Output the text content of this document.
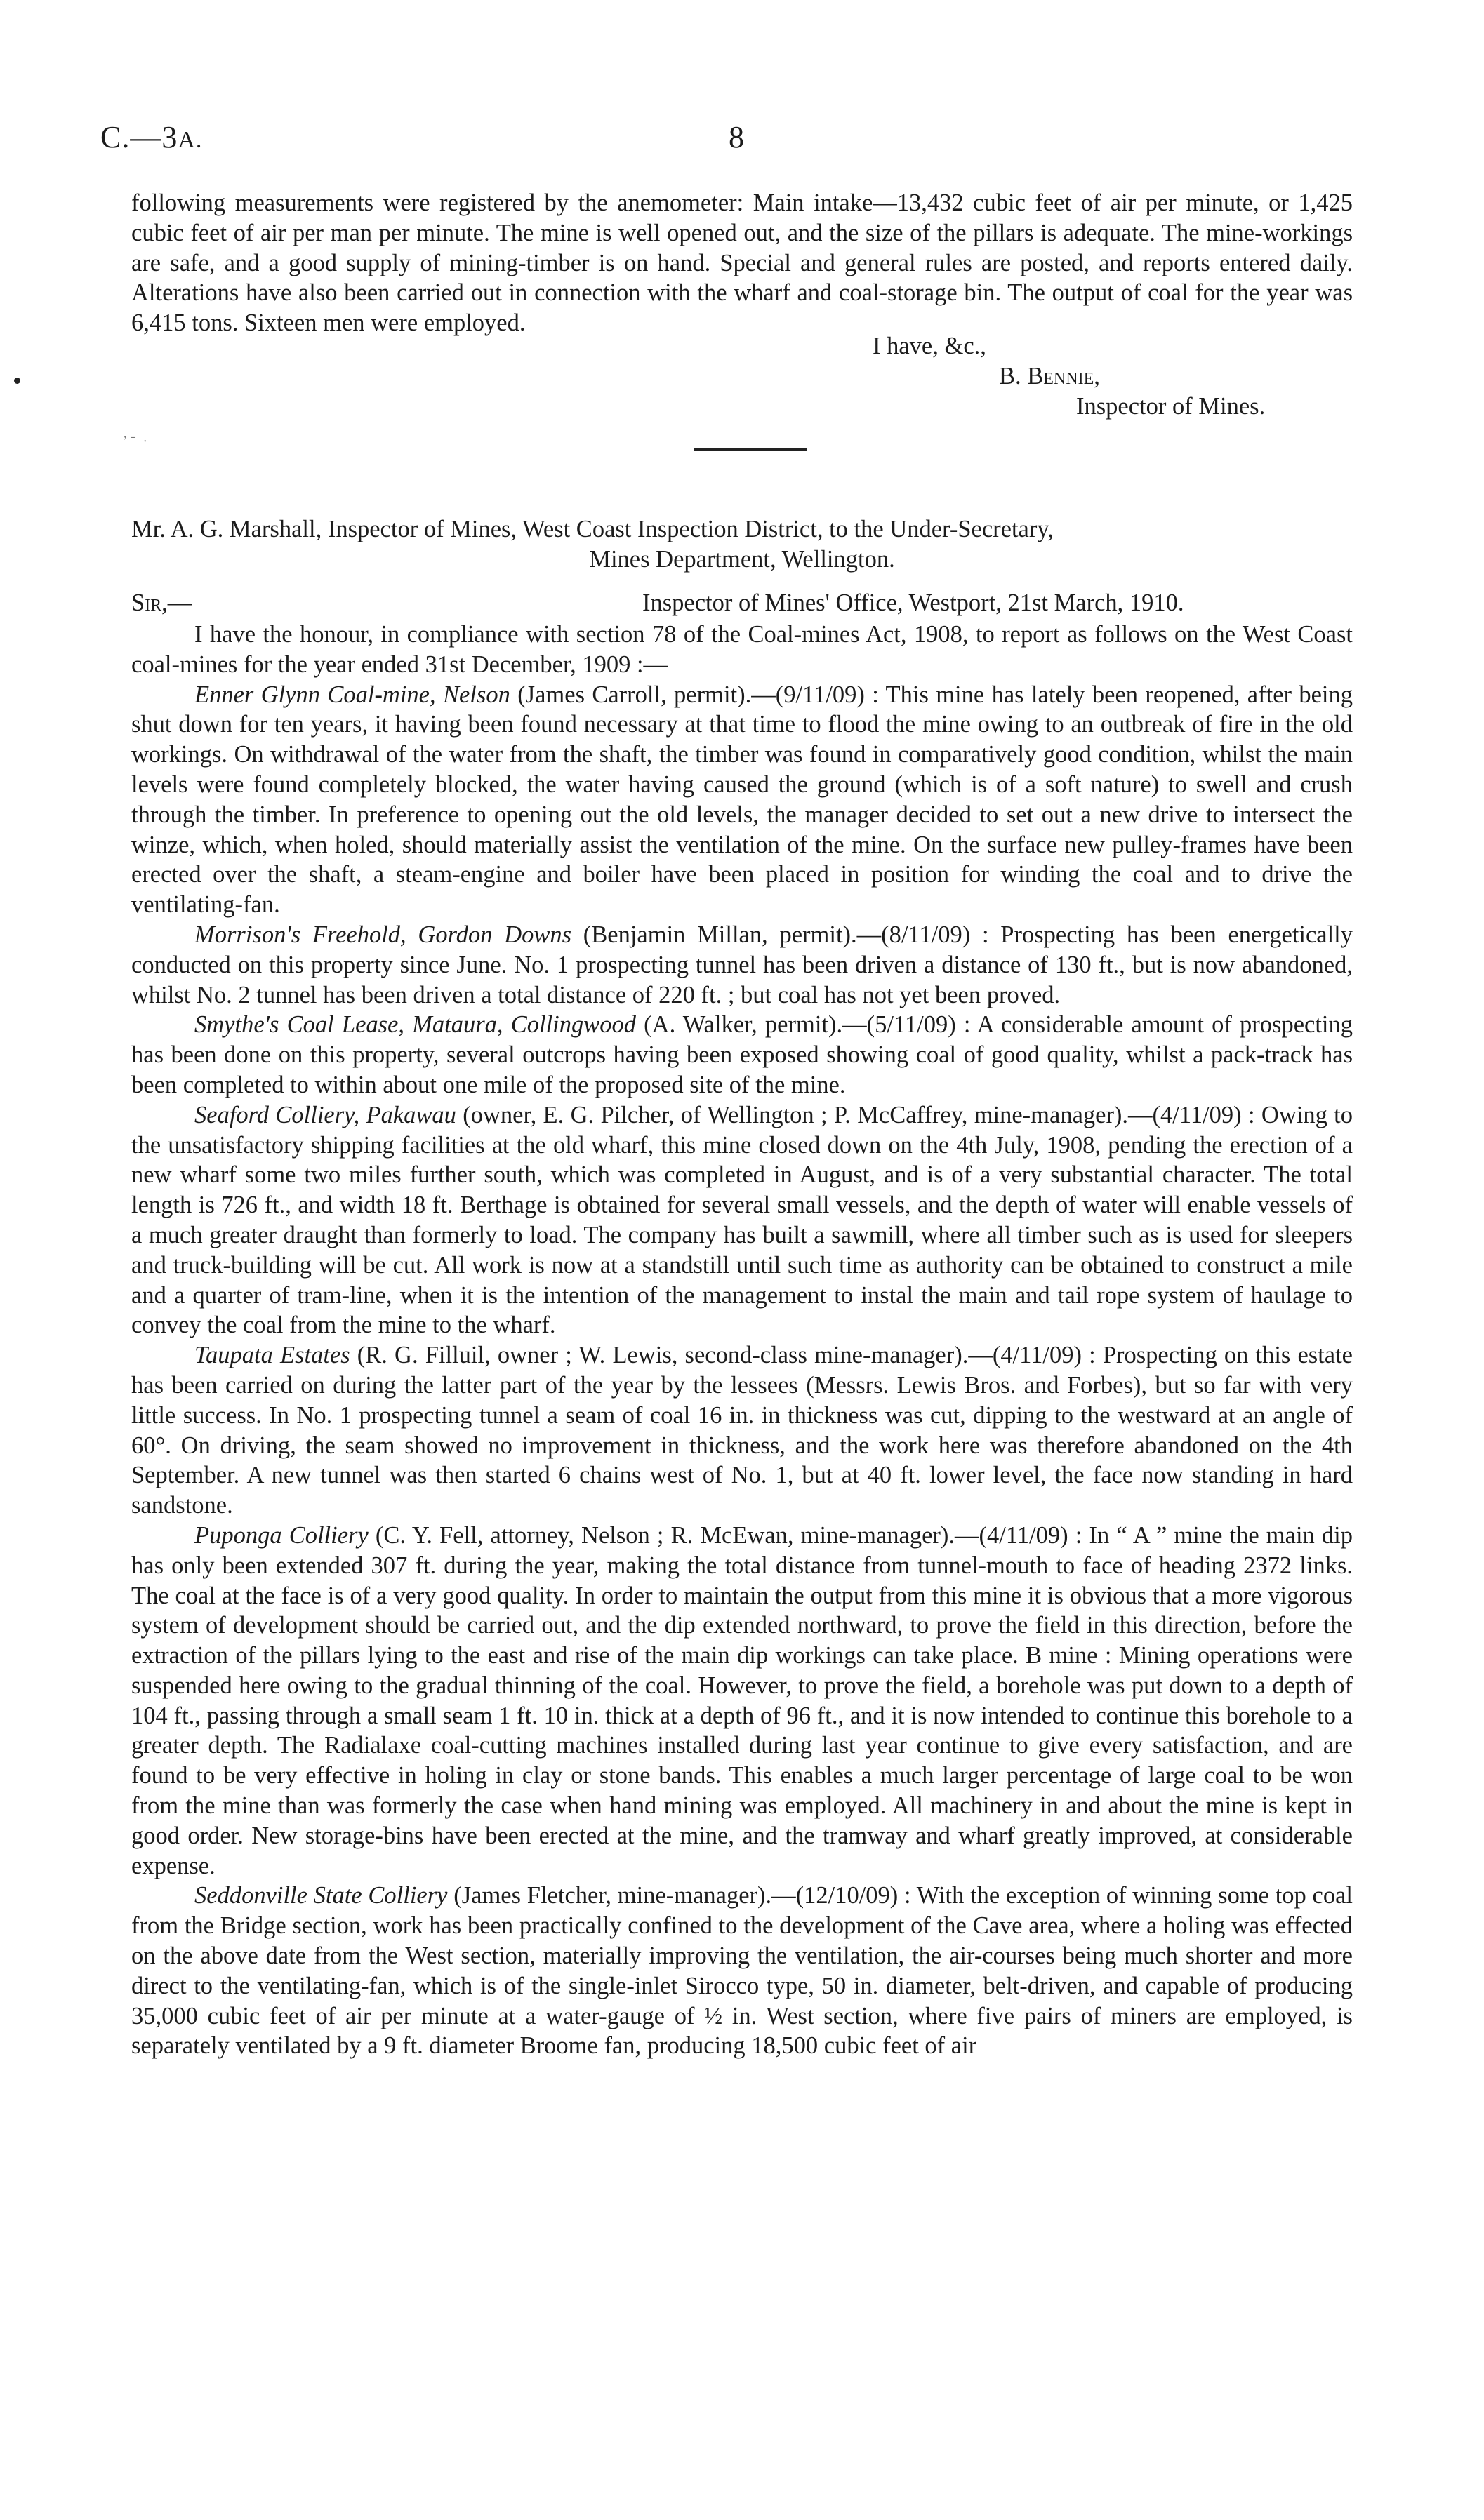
C.—3A.	8

following measurements were registered by the anemometer: Main intake—13,432 cubic feet of air per minute, or 1,425 cubic feet of air per man per minute. The mine is well opened out, and the size of the pillars is adequate. The mine-workings are safe, and a good supply of mining-timber is on hand. Special and general rules are posted, and reports entered daily. Alterations have also been carried out in connection with the wharf and coal-storage bin. The output of coal for the year was 6,415 tons. Sixteen men were employed.

I have, &c.,
B. Bennie,
Inspector of Mines.
ʼ ˉ  ·
Mr. A. G. Marshall, Inspector of Mines, West Coast Inspection District, to the Under-Secretary,
Mines Department, Wellington.
Sir,—	Inspector of Mines' Office, Westport, 21st March, 1910.

I have the honour, in compliance with section 78 of the Coal-mines Act, 1908, to report as follows on the West Coast coal-mines for the year ended 31st December, 1909 :—

Enner Glynn Coal-mine, Nelson (James Carroll, permit).—(9/11/09) : This mine has lately been reopened, after being shut down for ten years, it having been found necessary at that time to flood the mine owing to an outbreak of fire in the old workings. On withdrawal of the water from the shaft, the timber was found in comparatively good condition, whilst the main levels were found completely blocked, the water having caused the ground (which is of a soft nature) to swell and crush through the timber. In preference to opening out the old levels, the manager decided to set out a new drive to intersect the winze, which, when holed, should materially assist the ventilation of the mine. On the surface new pulley-frames have been erected over the shaft, a steam-engine and boiler have been placed in position for winding the coal and to drive the ventilating-fan.

Morrison's Freehold, Gordon Downs (Benjamin Millan, permit).—(8/11/09) : Prospecting has been energetically conducted on this property since June. No. 1 prospecting tunnel has been driven a distance of 130 ft., but is now abandoned, whilst No. 2 tunnel has been driven a total distance of 220 ft. ; but coal has not yet been proved.

Smythe's Coal Lease, Mataura, Collingwood (A. Walker, permit).—(5/11/09) : A considerable amount of prospecting has been done on this property, several outcrops having been exposed showing coal of good quality, whilst a pack-track has been completed to within about one mile of the proposed site of the mine.

Seaford Colliery, Pakawau (owner, E. G. Pilcher, of Wellington ; P. McCaffrey, mine-manager).—(4/11/09) : Owing to the unsatisfactory shipping facilities at the old wharf, this mine closed down on the 4th July, 1908, pending the erection of a new wharf some two miles further south, which was completed in August, and is of a very substantial character. The total length is 726 ft., and width 18 ft. Berthage is obtained for several small vessels, and the depth of water will enable vessels of a much greater draught than formerly to load. The company has built a sawmill, where all timber such as is used for sleepers and truck-building will be cut. All work is now at a standstill until such time as authority can be obtained to construct a mile and a quarter of tram-line, when it is the intention of the management to instal the main and tail rope system of haulage to convey the coal from the mine to the wharf.

Taupata Estates (R. G. Filluil, owner ; W. Lewis, second-class mine-manager).—(4/11/09) : Prospecting on this estate has been carried on during the latter part of the year by the lessees (Messrs. Lewis Bros. and Forbes), but so far with very little success. In No. 1 prospecting tunnel a seam of coal 16 in. in thickness was cut, dipping to the westward at an angle of 60°. On driving, the seam showed no improvement in thickness, and the work here was therefore abandoned on the 4th September. A new tunnel was then started 6 chains west of No. 1, but at 40 ft. lower level, the face now standing in hard sandstone.

Puponga Colliery (C. Y. Fell, attorney, Nelson ; R. McEwan, mine-manager).—(4/11/09) : In “ A ” mine the main dip has only been extended 307 ft. during the year, making the total distance from tunnel-mouth to face of heading 2372 links. The coal at the face is of a very good quality. In order to maintain the output from this mine it is obvious that a more vigorous system of development should be carried out, and the dip extended northward, to prove the field in this direction, before the extraction of the pillars lying to the east and rise of the main dip workings can take place. B mine : Mining operations were suspended here owing to the gradual thinning of the coal. However, to prove the field, a borehole was put down to a depth of 104 ft., passing through a small seam 1 ft. 10 in. thick at a depth of 96 ft., and it is now intended to continue this borehole to a greater depth. The Radialaxe coal-cutting machines installed during last year continue to give every satisfaction, and are found to be very effective in holing in clay or stone bands. This enables a much larger percentage of large coal to be won from the mine than was formerly the case when hand mining was employed. All machinery in and about the mine is kept in good order. New storage-bins have been erected at the mine, and the tramway and wharf greatly improved, at considerable expense.

Seddonville State Colliery (James Fletcher, mine-manager).—(12/10/09) : With the exception of winning some top coal from the Bridge section, work has been practically confined to the development of the Cave area, where a holing was effected on the above date from the West section, materially improving the ventilation, the air-courses being much shorter and more direct to the ventilating-fan, which is of the single-inlet Sirocco type, 50 in. diameter, belt-driven, and capable of producing 35,000 cubic feet of air per minute at a water-gauge of ½ in. West section, where five pairs of miners are employed, is separately ventilated by a 9 ft. diameter Broome fan, producing 18,500 cubic feet of air
